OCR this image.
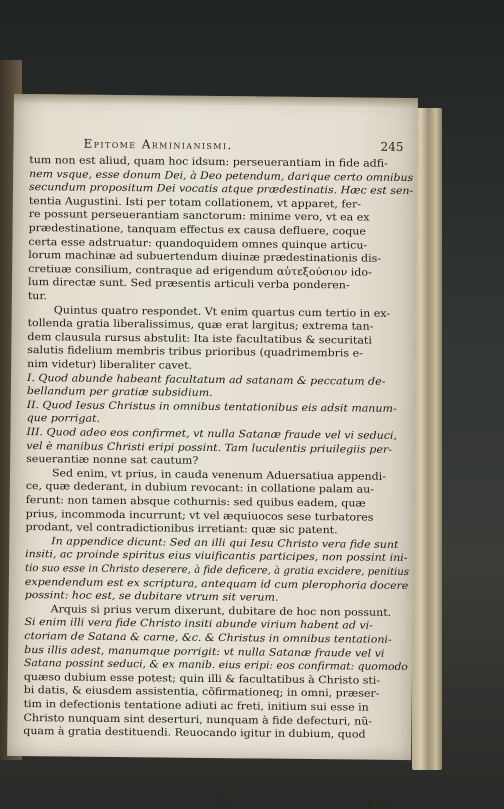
Epitome Arminianismi.	245
tum non est aliud, quam hoc idsum: perseuerantiam in fide adfi-
nem vsque, esse donum Dei, à Deo petendum, darique certo omnibus
secundum propositum Dei vocatis atque prædestinatis. Hæc est sen-
tentia Augustini. Isti per totam collationem, vt apparet, fer-
re possunt perseuerantiam sanctorum: minime vero, vt ea ex
prædestinatione, tanquam effectus ex causa defluere, coque
certa esse adstruatur: quandoquidem omnes quinque articu-
lorum machinæ ad subuertendum diuinæ prædestinationis dis-
cretiuæ consilium, contraque ad erigendum αὐτεξούσιον ido-
lum directæ sunt. Sed præsentis articuli verba ponderen-
tur.
Quintus quatro respondet. Vt enim quartus cum tertio in ex-
tollenda gratia liberalissimus, quæ erat largitus; extrema tan-
dem clausula rursus abstulit: Ita iste facultatibus & securitati
salutis fidelium membris tribus prioribus (quadrimembris e-
nim videtur) liberaliter cavet.
I. Quod abunde habeant facultatum ad satanam & peccatum de-
bellandum per gratiæ subsidium.
II. Quod Iesus Christus in omnibus tentationibus eis adsit manum-
que porrigat.
III. Quod adeo eos confirmet, vt nulla Satanæ fraude vel vi seduci,
vel è manibus Christi eripi possint. Tam luculentis priuilegiis per-
seuerantiæ nonne sat cautum?
Sed enim, vt prius, in cauda venenum Aduersatiua appendi-
ce, quæ dederant, in dubium revocant: in collatione palam au-
ferunt: non tamen absque cothurnis: sed quibus eadem, quæ
prius, incommoda incurrunt; vt vel æquiuocos sese turbatores
prodant, vel contradictionibus irretiant: quæ sic patent.
In appendice dicunt: Sed an illi qui Iesu Christo vera fide sunt
insiti, ac proinde spiritus eius viuificantis participes, non possint ini-
tio suo esse in Christo deserere, à fide deficere, à gratia excidere, penitius
expendendum est ex scriptura, antequam id cum plerophoria docere
possint: hoc est, se dubitare vtrum sit verum.
Arquis si prius verum dixerunt, dubitare de hoc non possunt.
Si enim illi vera fide Christo insiti abunde virium habent ad vi-
ctoriam de Satana & carne, &c. & Christus in omnibus tentationi-
bus illis adest, manumque porrigit: vt nulla Satanæ fraude vel vi
Satana possint seduci, & ex manib. eius eripi: eos confirmat: quomodo
quæso dubium esse potest; quin illi & facultatibus à Christo sti-
bi datis, & eiusdem assistentia, cõfirmationeq; in omni, præser-
tim in defectionis tentatione adiuti ac freti, initium sui esse in
Christo nunquam sint deserturi, nunquam à fide defecturi, nũ-
quam à gratia destituendi. Reuocando igitur in dubium, quod
q 2	prius
